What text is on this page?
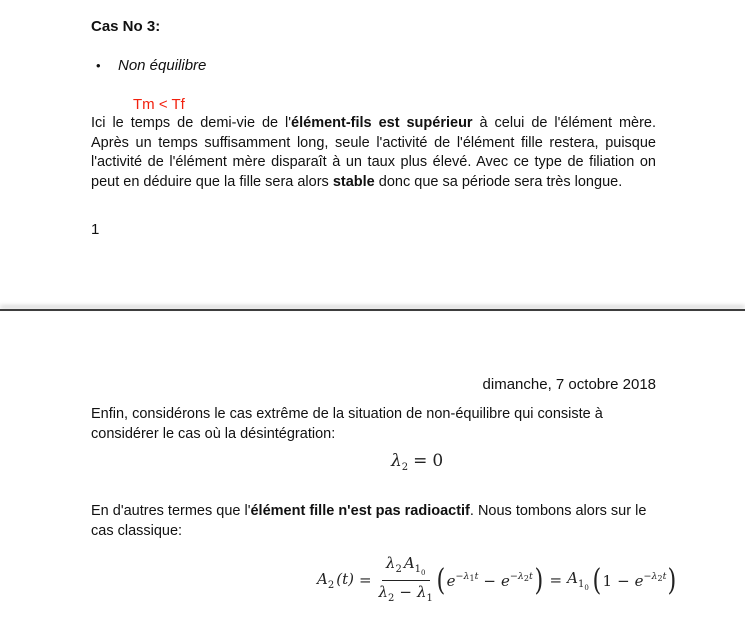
Cas No 3:
•	Non équilibre
Tm < Tf

Ici le temps de demi-vie de l'élément-fils est supérieur à celui de l'élément mère. Après un temps suffisamment long, seule l'activité de l'élément fille restera, puisque l'activité de l'élément mère disparaît à un taux plus élevé. Avec ce type de filiation on peut en déduire que la fille sera alors stable donc que sa période sera très longue.

1
dimanche, 7 octobre 2018

Enfin, considérons le cas extrême de la situation de non-équilibre qui consiste à considérer le cas où la désintégration:

$\lambda_2 = 0$

En d'autres termes que l'élément fille n'est pas radioactif. Nous tombons alors sur le cas classique:

$A_2$ $(t) = \frac{\lambda_2 A_{10}}{\lambda_2 - \lambda_1}$ ( $e^{-\lambda_1t} - e^{-\lambda_2t}$ ) = $A_{10}$ ( $1 - e^{-\lambda_2t}$ )
